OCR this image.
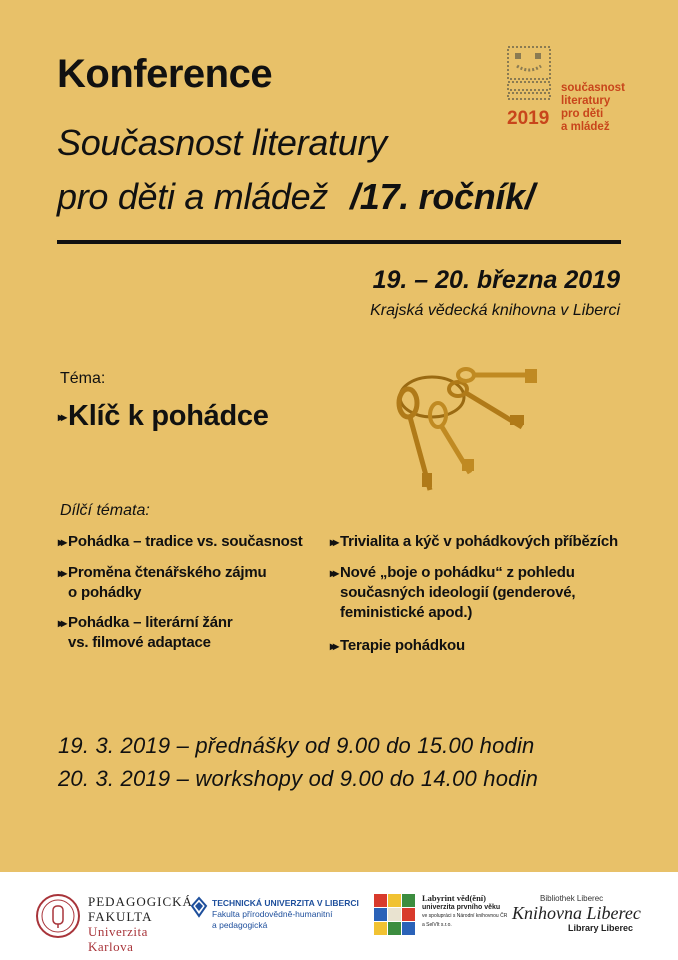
Konference
Současnost literatury
pro děti a mládež /17. ročník/
2019
současnost
literatury
pro děti
a mládež
19. – 20. března 2019
Krajská vědecká knihovna v Liberci
Téma:
▸▸ Klíč k pohádce
Dílčí témata:
▸▸ Pohádka – tradice vs. současnost
▸▸ Proměna čtenářského zájmu
o pohádky
▸▸ Pohádka – literární žánr
vs. filmové adaptace
▸▸ Trivialita a kýč v pohádkových příbězích
▸▸ Nové „boje o pohádku“ z pohledu
současných ideologií (genderové,
feministické apod.)
▸▸ Terapie pohádkou
19. 3. 2019 – přednášky od 9.00 do 15.00 hodin
20. 3. 2019 – workshopy od 9.00 do 14.00 hodin
PEDAGOGICKÁ
FAKULTA
Univerzita Karlova
TECHNICKÁ UNIVERZITA V LIBERCI
Fakulta přírodovědně-humanitní
a pedagogická
Labyrint věd(ění)
univerzita prvního věku
ve spolupráci s Národní knihovnou ČR
a SelVIt s.r.o.
Bibliothek Liberec
Knihovna Liberec
Library Liberec
